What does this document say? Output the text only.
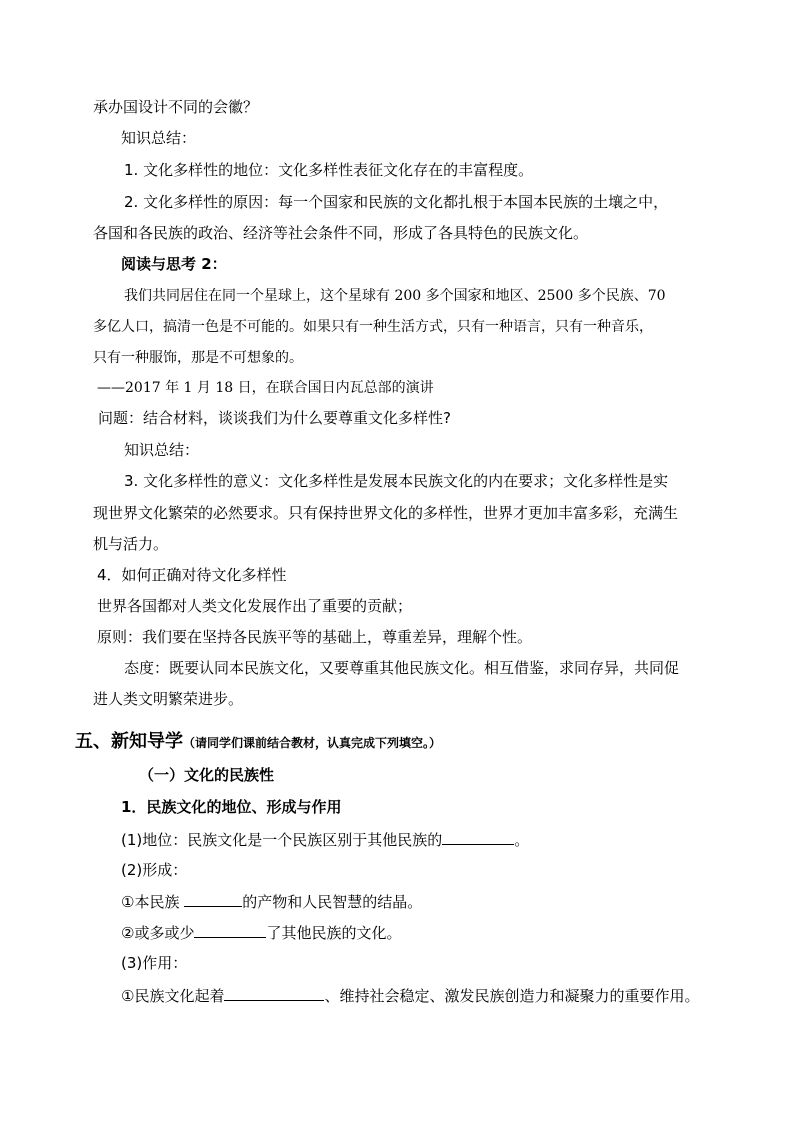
承办国设计不同的会徽？
知识总结：
1. 文化多样性的地位：文化多样性表征文化存在的丰富程度。
2. 文化多样性的原因：每一个国家和民族的文化都扎根于本国本民族的土壤之中，
各国和各民族的政治、经济等社会条件不同，形成了各具特色的民族文化。
阅读与思考 2：
我们共同居住在同一个星球上，这个星球有 200 多个国家和地区、2500 多个民族、70
多亿人口，搞清一色是不可能的。如果只有一种生活方式，只有一种语言，只有一种音乐，
只有一种服饰，那是不可想象的。
——2017 年 1 月 18 日，在联合国日内瓦总部的演讲
问题：结合材料，谈谈我们为什么要尊重文化多样性?
知识总结：
3. 文化多样性的意义：文化多样性是发展本民族文化的内在要求；文化多样性是实
现世界文化繁荣的必然要求。只有保持世界文化的多样性，世界才更加丰富多彩，充满生
机与活力。
4．如何正确对待文化多样性
世界各国都对人类文化发展作出了重要的贡献；
原则：我们要在坚持各民族平等的基础上，尊重差异，理解个性。
态度：既要认同本民族文化，又要尊重其他民族文化。相互借鉴，求同存异，共同促
进人类文明繁荣进步。
五、新知导学（请同学们课前结合教材，认真完成下列填空。）
（一）文化的民族性
1．民族文化的地位、形成与作用
(1)地位：民族文化是一个民族区别于其他民族的	。
(2)形成：
①本民族	的产物和人民智慧的结晶。
②或多或少	了其他民族的文化。
(3)作用：
①民族文化起着	、维持社会稳定、激发民族创造力和凝聚力的重要作用。
